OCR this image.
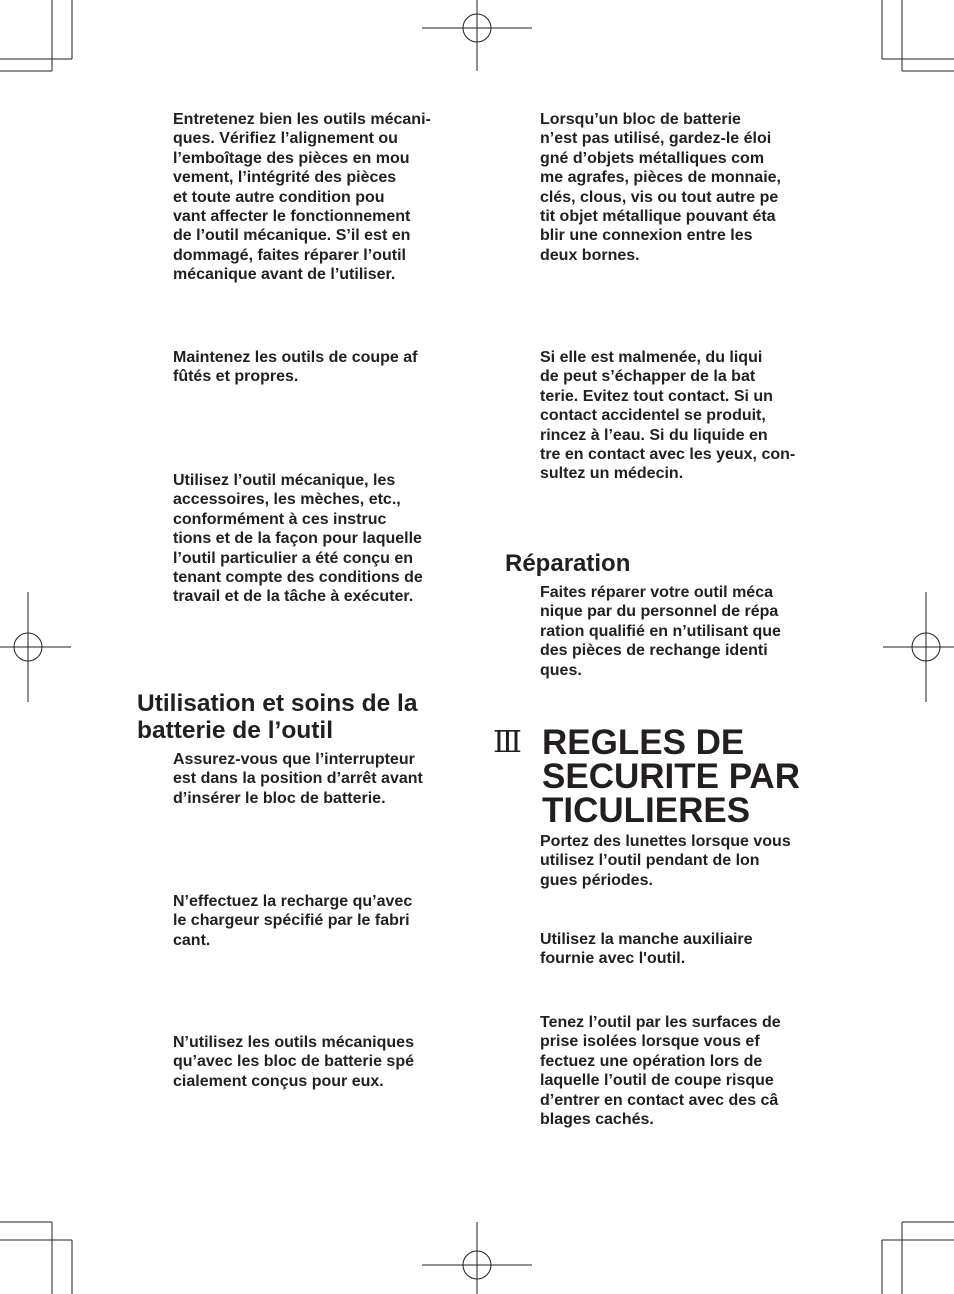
Entretenez bien les outils mécani-
ques. Vérifiez l’alignement ou
l’emboîtage des pièces en mou
vement, l’intégrité des pièces
et toute autre condition pou
vant affecter le fonctionnement
de l’outil mécanique. S’il est en
dommagé, faites réparer l’outil
mécanique avant de l’utiliser.
Maintenez les outils de coupe af
fûtés et propres.
Utilisez l’outil mécanique, les
accessoires, les mèches, etc.,
conformément à ces instruc
tions et de la façon pour laquelle
l’outil particulier a été conçu en
tenant compte des conditions de
travail et de la tâche à exécuter.
Utilisation et soins de la
batterie de l’outil
Assurez-vous que l’interrupteur
est dans la position d’arrêt avant
d’insérer le bloc de batterie.
N’effectuez la recharge qu’avec
le chargeur spécifié par le fabri
cant.
N’utilisez les outils mécaniques
qu’avec les bloc de batterie spé
cialement conçus pour eux.
Lorsqu’un bloc de batterie
n’est pas utilisé, gardez-le éloi
gné d’objets métalliques com
me agrafes, pièces de monnaie,
clés, clous, vis ou tout autre pe
tit objet métallique pouvant éta
blir une connexion entre les
deux bornes.
Si elle est malmenée, du liqui
de peut s’échapper de la bat
terie. Evitez tout contact. Si un
contact accidentel se produit,
rincez à l’eau. Si du liquide en
tre en contact avec les yeux, con-
sultez un médecin.
Réparation
Faites réparer votre outil méca
nique par du personnel de répa
ration qualifié en n’utilisant que
des pièces de rechange identi
ques.
Ⅲ REGLES DE
SECURITE PAR
TICULIERES
Portez des lunettes lorsque vous
utilisez l’outil pendant de lon
gues périodes.
Utilisez la manche auxiliaire
fournie avec l'outil.
Tenez l’outil par les surfaces de
prise isolées lorsque vous ef
fectuez une opération lors de
laquelle l’outil de coupe risque
d’entrer en contact avec des câ
blages cachés.
